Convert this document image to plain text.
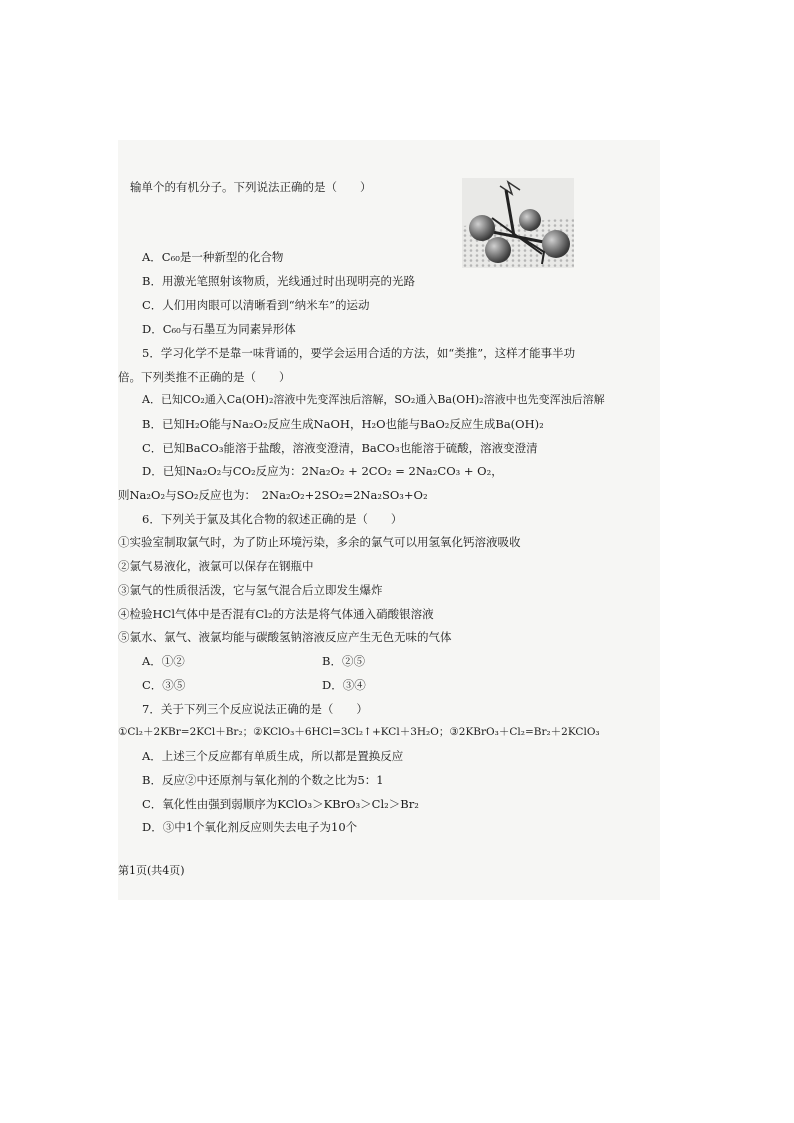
输单个的有机分子。下列说法正确的是（　　）
A．C₆₀是一种新型的化合物
B．用激光笔照射该物质，光线通过时出现明亮的光路
C．人们用肉眼可以清晰看到“纳米车”的运动
D．C₆₀与石墨互为同素异形体
5．学习化学不是靠一味背诵的，要学会运用合适的方法，如“类推”，这样才能事半功
倍。下列类推不正确的是（　　）
A．已知CO₂通入Ca(OH)₂溶液中先变浑浊后溶解，SO₂通入Ba(OH)₂溶液中也先变浑浊后溶解
B．已知H₂O能与Na₂O₂反应生成NaOH，H₂O也能与BaO₂反应生成Ba(OH)₂
C．已知BaCO₃能溶于盐酸，溶液变澄清，BaCO₃也能溶于硫酸，溶液变澄清
D．已知Na₂O₂与CO₂反应为：2Na₂O₂ + 2CO₂ = 2Na₂CO₃ + O₂，
则Na₂O₂与SO₂反应也为：　2Na₂O₂+2SO₂=2Na₂SO₃+O₂
6．下列关于氯及其化合物的叙述正确的是（　　）
①实验室制取氯气时，为了防止环境污染，多余的氯气可以用氢氧化钙溶液吸收
②氯气易液化，液氯可以保存在钢瓶中
③氯气的性质很活泼，它与氢气混合后立即发生爆炸
④检验HCl气体中是否混有Cl₂的方法是将气体通入硝酸银溶液
⑤氯水、氯气、液氯均能与碳酸氢钠溶液反应产生无色无味的气体
A．①②	B．②⑤
C．③⑤	D．③④
7．关于下列三个反应说法正确的是（　　）
①Cl₂＋2KBr=2KCl＋Br₂；②KClO₃＋6HCl=3Cl₂↑+KCl＋3H₂O；③2KBrO₃＋Cl₂=Br₂＋2KClO₃
A．上述三个反应都有单质生成，所以都是置换反应
B．反应②中还原剂与氧化剂的个数之比为5：1
C．氧化性由强到弱顺序为KClO₃＞KBrO₃＞Cl₂＞Br₂
D．③中1个氧化剂反应则失去电子为10个
第1页(共4页)
